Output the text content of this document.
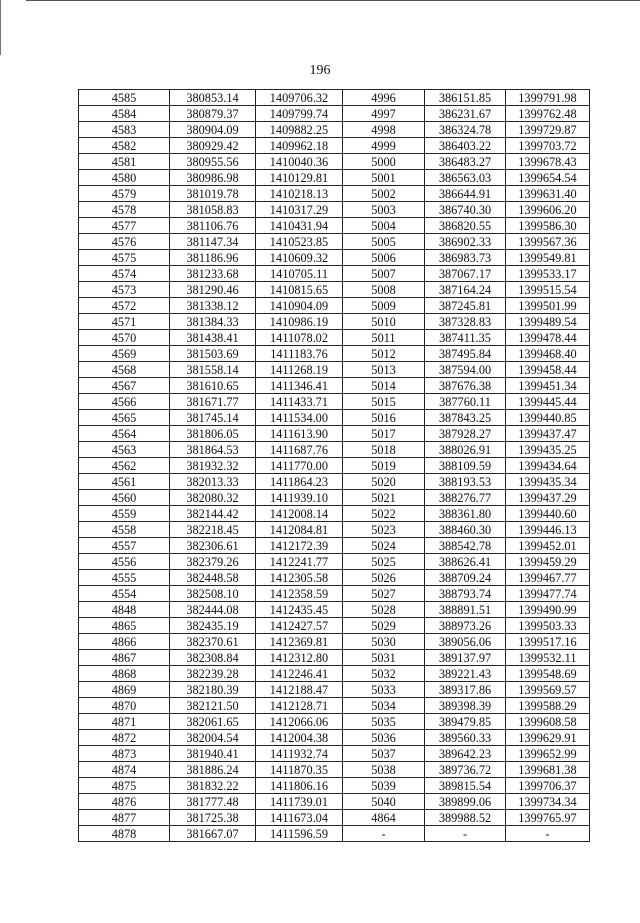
196
4585	380853.14	1409706.32	4996	386151.85	1399791.98
4584	380879.37	1409799.74	4997	386231.67	1399762.48
4583	380904.09	1409882.25	4998	386324.78	1399729.87
4582	380929.42	1409962.18	4999	386403.22	1399703.72
4581	380955.56	1410040.36	5000	386483.27	1399678.43
4580	380986.98	1410129.81	5001	386563.03	1399654.54
4579	381019.78	1410218.13	5002	386644.91	1399631.40
4578	381058.83	1410317.29	5003	386740.30	1399606.20
4577	381106.76	1410431.94	5004	386820.55	1399586.30
4576	381147.34	1410523.85	5005	386902.33	1399567.36
4575	381186.96	1410609.32	5006	386983.73	1399549.81
4574	381233.68	1410705.11	5007	387067.17	1399533.17
4573	381290.46	1410815.65	5008	387164.24	1399515.54
4572	381338.12	1410904.09	5009	387245.81	1399501.99
4571	381384.33	1410986.19	5010	387328.83	1399489.54
4570	381438.41	1411078.02	5011	387411.35	1399478.44
4569	381503.69	1411183.76	5012	387495.84	1399468.40
4568	381558.14	1411268.19	5013	387594.00	1399458.44
4567	381610.65	1411346.41	5014	387676.38	1399451.34
4566	381671.77	1411433.71	5015	387760.11	1399445.44
4565	381745.14	1411534.00	5016	387843.25	1399440.85
4564	381806.05	1411613.90	5017	387928.27	1399437.47
4563	381864.53	1411687.76	5018	388026.91	1399435.25
4562	381932.32	1411770.00	5019	388109.59	1399434.64
4561	382013.33	1411864.23	5020	388193.53	1399435.34
4560	382080.32	1411939.10	5021	388276.77	1399437.29
4559	382144.42	1412008.14	5022	388361.80	1399440.60
4558	382218.45	1412084.81	5023	388460.30	1399446.13
4557	382306.61	1412172.39	5024	388542.78	1399452.01
4556	382379.26	1412241.77	5025	388626.41	1399459.29
4555	382448.58	1412305.58	5026	388709.24	1399467.77
4554	382508.10	1412358.59	5027	388793.74	1399477.74
4848	382444.08	1412435.45	5028	388891.51	1399490.99
4865	382435.19	1412427.57	5029	388973.26	1399503.33
4866	382370.61	1412369.81	5030	389056.06	1399517.16
4867	382308.84	1412312.80	5031	389137.97	1399532.11
4868	382239.28	1412246.41	5032	389221.43	1399548.69
4869	382180.39	1412188.47	5033	389317.86	1399569.57
4870	382121.50	1412128.71	5034	389398.39	1399588.29
4871	382061.65	1412066.06	5035	389479.85	1399608.58
4872	382004.54	1412004.38	5036	389560.33	1399629.91
4873	381940.41	1411932.74	5037	389642.23	1399652.99
4874	381886.24	1411870.35	5038	389736.72	1399681.38
4875	381832.22	1411806.16	5039	389815.54	1399706.37
4876	381777.48	1411739.01	5040	389899.06	1399734.34
4877	381725.38	1411673.04	4864	389988.52	1399765.97
4878	381667.07	1411596.59	-	-	-
